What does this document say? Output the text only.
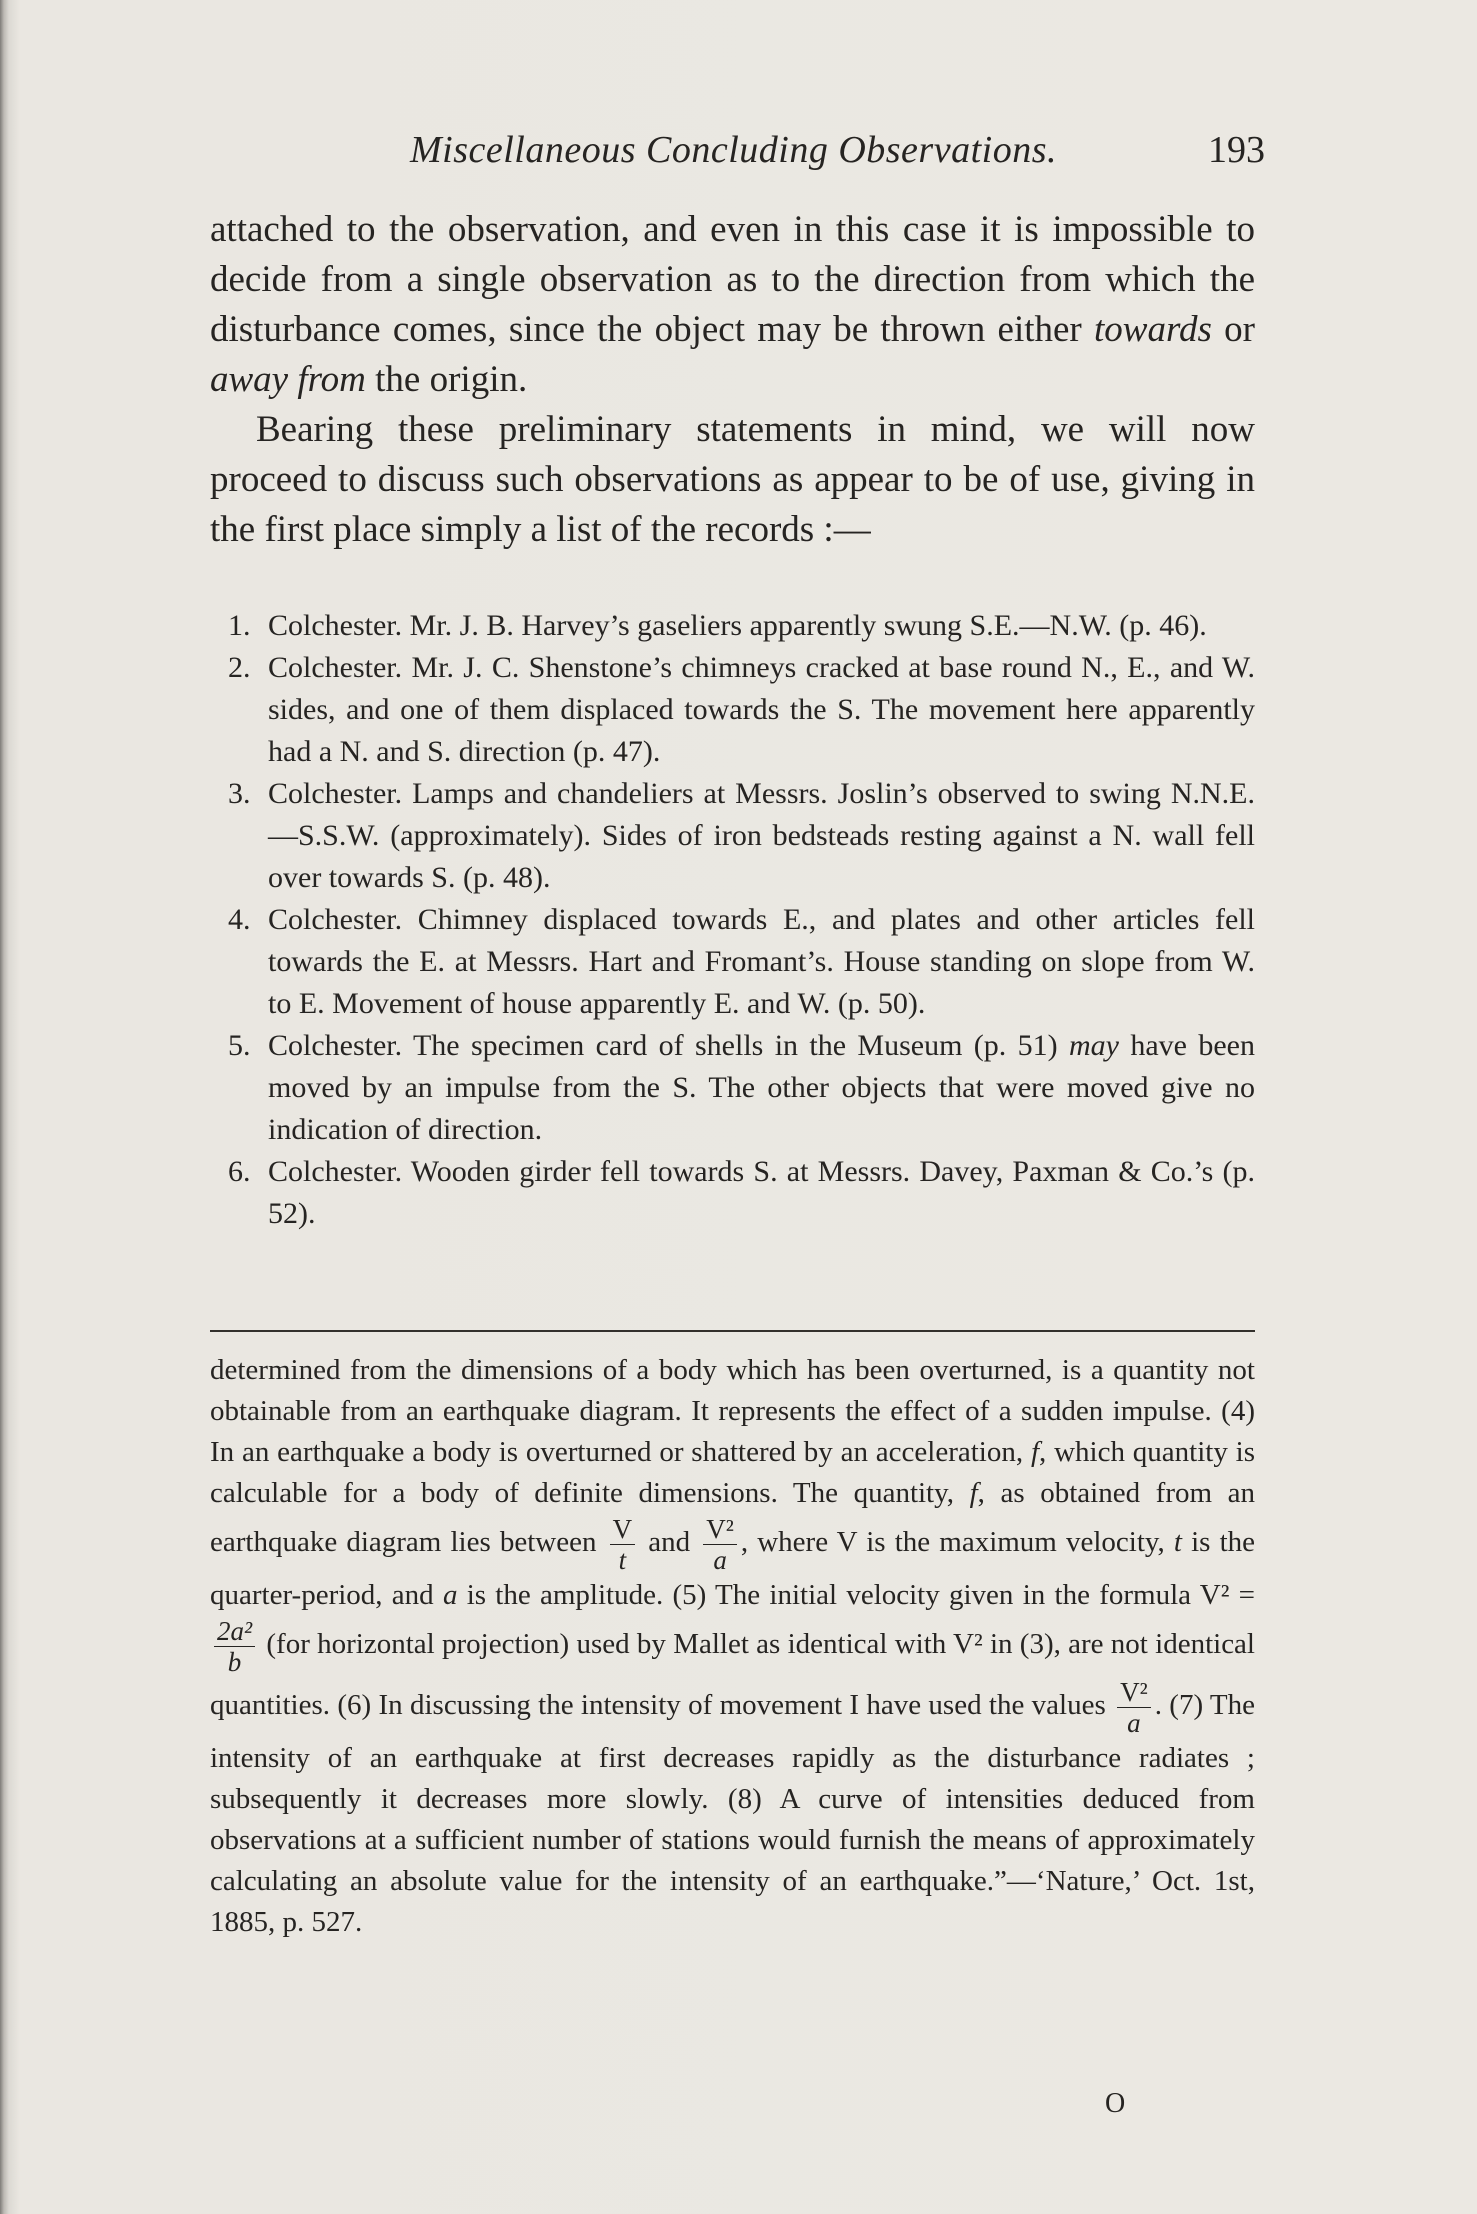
Miscellaneous Concluding Observations.	193

attached to the observation, and even in this case it is impossible to decide from a single observation as to the direction from which the disturbance comes, since the object may be thrown either towards or away from the origin.

Bearing these preliminary statements in mind, we will now proceed to discuss such observations as appear to be of use, giving in the first place simply a list of the records :—

1. Colchester. Mr. J. B. Harvey’s gaseliers apparently swung S.E.—N.W. (p. 46).
2. Colchester. Mr. J. C. Shenstone’s chimneys cracked at base round N., E., and W. sides, and one of them displaced towards the S. The movement here apparently had a N. and S. direction (p. 47).
3. Colchester. Lamps and chandeliers at Messrs. Joslin’s observed to swing N.N.E.—S.S.W. (approximately). Sides of iron bedsteads resting against a N. wall fell over towards S. (p. 48).
4. Colchester. Chimney displaced towards E., and plates and other articles fell towards the E. at Messrs. Hart and Fromant’s. House standing on slope from W. to E. Movement of house apparently E. and W. (p. 50).
5. Colchester. The specimen card of shells in the Museum (p. 51) may have been moved by an impulse from the S. The other objects that were moved give no indication of direction.
6. Colchester. Wooden girder fell towards S. at Messrs. Davey, Paxman & Co.’s (p. 52).

determined from the dimensions of a body which has been overturned, is a quantity not obtainable from an earthquake diagram. It represents the effect of a sudden impulse. (4) In an earthquake a body is overturned or shattered by an acceleration, f, which quantity is calculable for a body of definite dimensions. The quantity, f, as obtained from an earthquake diagram lies between $\frac{V}{t}$ and $\frac{\text{V²}}{a}$ , where V is the maximum velocity, t is the quarter-period, and a is the amplitude. (5) The initial velocity given in the formula V² =
$\frac{\text{2a²}}{b} (for$ horizontal projection) used by Mallet as identical with V² in (3), are not identical quantities. (6) In discussing the intensity of movement I have used the values $\frac{\text{V²}}{a}$ . (7) The intensity of an earthquake at first decreases rapidly as the disturbance radiates ; subsequently it decreases more slowly. (8) A curve of intensities deduced from observations at a sufficient number of stations would furnish the means of approximately calculating an absolute value for the intensity of an earthquake.”—‘Nature,’ Oct. 1st, 1885, p. 527.

O
